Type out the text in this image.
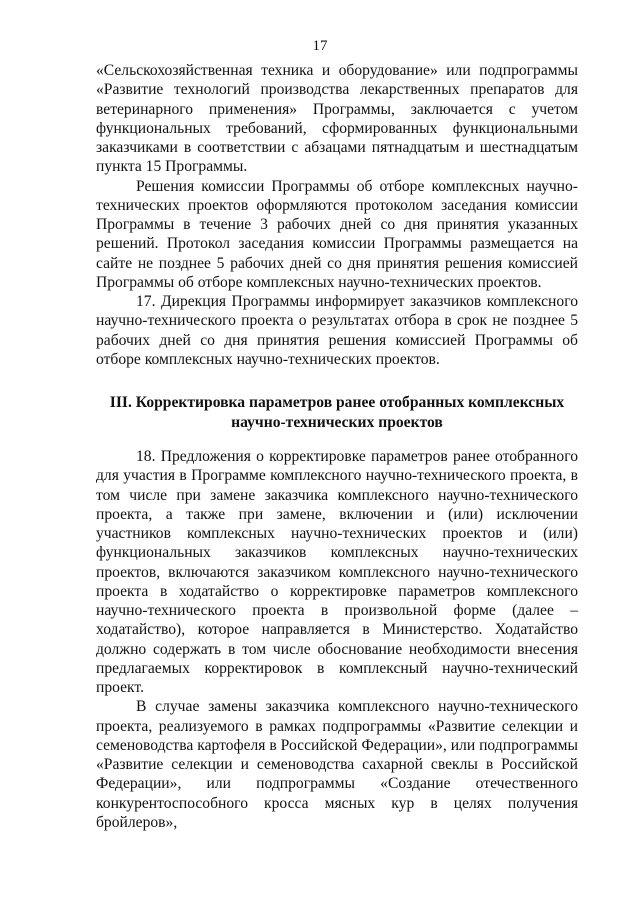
17

«Сельскохозяйственная техника и оборудование» или подпрограммы «Развитие технологий производства лекарственных препаратов для ветеринарного применения» Программы, заключается с учетом функциональных требований, сформированных функциональными заказчиками в соответствии с абзацами пятнадцатым и шестнадцатым пункта 15 Программы.

Решения комиссии Программы об отборе комплексных научно-технических проектов оформляются протоколом заседания комиссии Программы в течение 3 рабочих дней со дня принятия указанных решений. Протокол заседания комиссии Программы размещается на сайте не позднее 5 рабочих дней со дня принятия решения комиссией Программы об отборе комплексных научно-технических проектов.

17. Дирекция Программы информирует заказчиков комплексного научно-технического проекта о результатах отбора в срок не позднее 5 рабочих дней со дня принятия решения комиссией Программы об отборе комплексных научно-технических проектов.

III. Корректировка параметров ранее отобранных комплексных
научно-технических проектов

18. Предложения о корректировке параметров ранее отобранного для участия в Программе комплексного научно-технического проекта, в том числе при замене заказчика комплексного научно-технического проекта, а также при замене, включении и (или) исключении участников комплексных научно-технических проектов и (или) функциональных заказчиков комплексных научно-технических проектов, включаются заказчиком комплексного научно-технического проекта в ходатайство о корректировке параметров комплексного научно-технического проекта в произвольной форме (далее – ходатайство), которое направляется в Министерство. Ходатайство должно содержать в том числе обоснование необходимости внесения предлагаемых корректировок в комплексный научно-технический проект.

В случае замены заказчика комплексного научно-технического проекта, реализуемого в рамках подпрограммы «Развитие селекции и семеноводства картофеля в Российской Федерации», или подпрограммы «Развитие селекции и семеноводства сахарной свеклы в Российской Федерации», или подпрограммы «Создание отечественного конкурентоспособного кросса мясных кур в целях получения бройлеров»,
